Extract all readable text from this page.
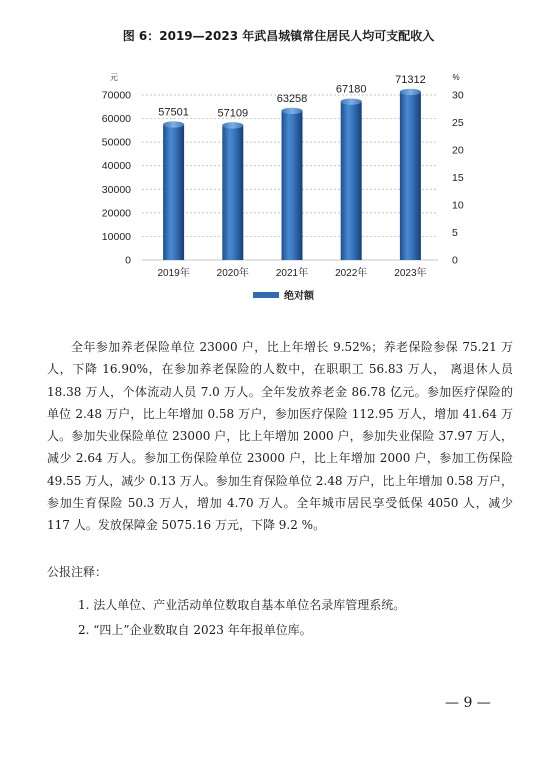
图 6：2019—2023 年武昌城镇常住居民人均可支配收入
57501	57109
63258
67180
71312
0
10000
20000
30000
40000
50000
60000
70000
0
5
10
15
20
25
30
元	%
2019年	2020年	2021年	2022年	2023年
绝对额

全年参加养老保险单位 23000 户，比上年增长 9.52%；养老保险参保 75.21 万人，下降 16.90%，在参加养老保险的人数中，在职职工 56.83 万人， 离退休人员 18.38 万人，个体流动人员 7.0 万人。全年发放养老金 86.78 亿元。参加医疗保险的单位 2.48 万户，比上年增加 0.58 万户，参加医疗保险 112.95 万人，增加 41.64 万人。参加失业保险单位 23000 户，比上年增加 2000 户，参加失业保险 37.97 万人，减少 2.64 万人。参加工伤保险单位 23000 户，比上年增加 2000 户，参加工伤保险 49.55 万人，减少 0.13 万人。参加生育保险单位 2.48 万户，比上年增加 0.58 万户，参加生育保险 50.3 万人，增加 4.70 万人。全年城市居民享受低保 4050 人，减少 117 人。发放保障金 5075.16 万元，下降 9.2 %。

公报注释：
1. 法人单位、产业活动单位数取自基本单位名录库管理系统。
2. “四上”企业数取自 2023 年年报单位库。
— 9 —
